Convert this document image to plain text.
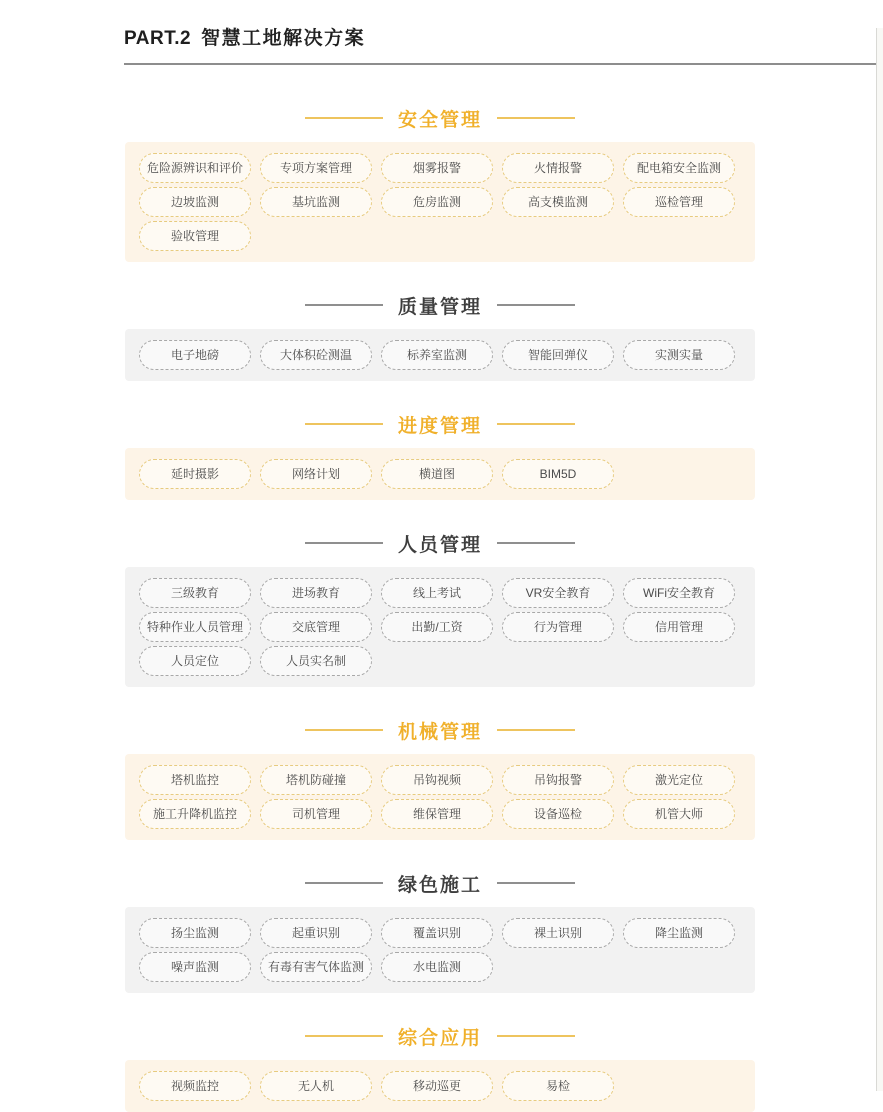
PART.2 智慧工地解决方案
安全管理
危险源辨识和评价	专项方案管理	烟雾报警	火情报警	配电箱安全监测
边坡监测	基坑监测	危房监测	高支模监测	巡检管理
验收管理
质量管理
电子地磅	大体积砼测温	标养室监测	智能回弹仪	实测实量
进度管理
延时摄影	网络计划	横道图	BIM5D
人员管理
三级教育	进场教育	线上考试	VR安全教育	WiFi安全教育
特种作业人员管理	交底管理	出勤/工资	行为管理	信用管理
人员定位	人员实名制
机械管理
塔机监控	塔机防碰撞	吊钩视频	吊钩报警	激光定位
施工升降机监控	司机管理	维保管理	设备巡检	机管大师
绿色施工
扬尘监测	起重识别	覆盖识别	裸土识别	降尘监测
噪声监测	有毒有害气体监测	水电监测
综合应用
视频监控	无人机	移动巡更	易检
